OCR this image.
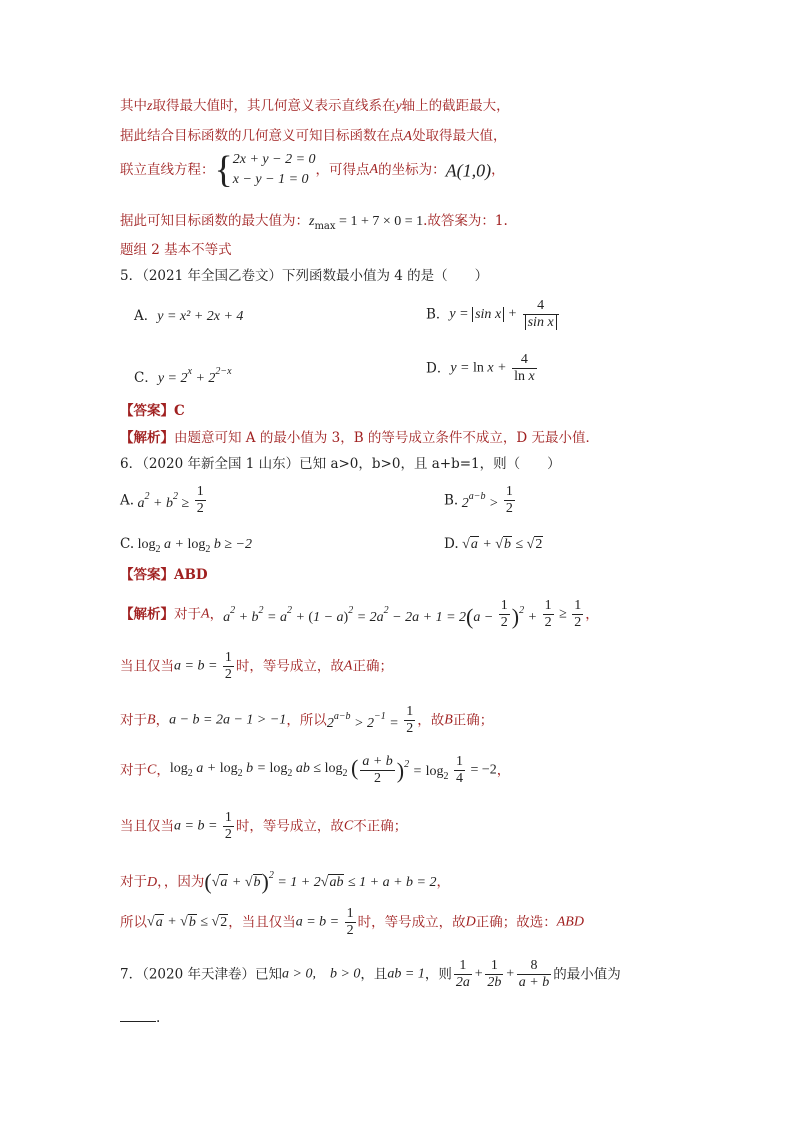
其中z取得最大值时，其几何意义表示直线系在y轴上的截距最大，
据此结合目标函数的几何意义可知目标函数在点A处取得最大值，
联立直线方程：{ 2x + y − 2 = 0
x − y − 1 = 0
，可得点A的坐标为：A(1,0)，
据此可知目标函数的最大值为：$z_{max} = 1 + 7 \times 0 = 1$.故答案为：1.
题组 2 基本不等式
5．（2021 年全国乙卷文）下列函数最小值为 4 的是（　　）
A．y = x² + 2x + 4	B．$y = \sin x + \frac{4}{\text{sin x}}$
C．$y = 2^x + 2^{2-x}$	D．$y = \ln x + \frac{4}{\text{ln x}}$
【答案】C
【解析】由题意可知 A 的最小值为 3，B 的等号成立条件不成立，D 无最小值．
6．（2020 年新全国 1 山东）已知 a>0，b>0，且 a+b=1，则（　　）
A. $a^2 + b^2 \ge \frac{1}{2}$	B. $2^{a-b} > \frac{1}{2}$
C. $\log_2 a + \log_2 b \ge -2$	D. √a + √b ≤ √2
【答案】ABD
【解析】对于A，$a^2 + b^2 = a^2 + (1 - a)^2 = 2a^2 - 2a + 1 = 2(a - \frac{1}{2} )^2 + \frac{1}{2} \ge \frac{1}{2}$ ，
当且仅当$a = b = \frac{1}{2}$ 时，等号成立，故A正确；
对于B，a − b = 2a − 1 > −1，所以$2^{a-b} > 2^{-1} = \frac{1}{2}$ ，故B正确；
对于C，$\log_2 a + \log_2 b = \log_2$ ab ≤ $\log_2$ ( $\frac{a + b}{2} )^2 = \log_2 \frac{1}{4} = -2$，
当且仅当$a = b = \frac{1}{2}$ 时，等号成立，故C不正确；
对于D，，因为$(√a + √b)^2 = 1 + 2√ab \le 1 + a + b = 2$，
所以√a + √b ≤ √2，当且仅当$a = b = \frac{1}{2}$ 时，等号成立，故D正确；故选：ABD
7．（2020 年天津卷）已知a > 0,　b > 0，且ab = 1，则 $\frac{1}{2a} + \frac{1}{2b} + \frac{8}{a + b}$ 的最小值为
.
